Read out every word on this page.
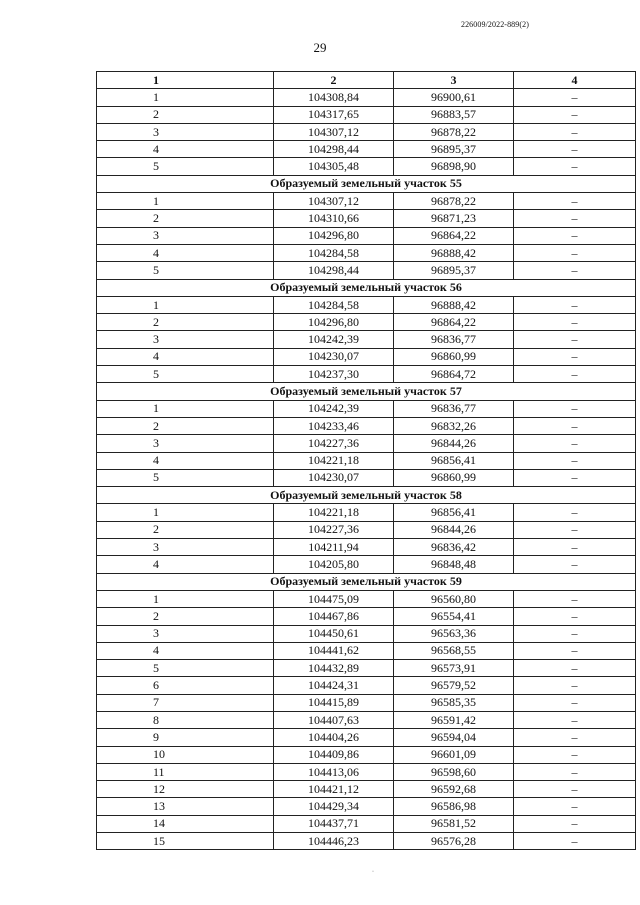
226009/2022-889(2)
29
1	2	3	4
1	104308,84	96900,61	–
2	104317,65	96883,57	–
3	104307,12	96878,22	–
4	104298,44	96895,37	–
5	104305,48	96898,90	–
Образуемый земельный участок 55			
1	104307,12	96878,22	–
2	104310,66	96871,23	–
3	104296,80	96864,22	–
4	104284,58	96888,42	–
5	104298,44	96895,37	–
Образуемый земельный участок 56			
1	104284,58	96888,42	–
2	104296,80	96864,22	–
3	104242,39	96836,77	–
4	104230,07	96860,99	–
5	104237,30	96864,72	–
Образуемый земельный участок 57			
1	104242,39	96836,77	–
2	104233,46	96832,26	–
3	104227,36	96844,26	–
4	104221,18	96856,41	–
5	104230,07	96860,99	–
Образуемый земельный участок 58			
1	104221,18	96856,41	–
2	104227,36	96844,26	–
3	104211,94	96836,42	–
4	104205,80	96848,48	–
Образуемый земельный участок 59			
1	104475,09	96560,80	–
2	104467,86	96554,41	–
3	104450,61	96563,36	–
4	104441,62	96568,55	–
5	104432,89	96573,91	–
6	104424,31	96579,52	–
7	104415,89	96585,35	–
8	104407,63	96591,42	–
9	104404,26	96594,04	–
10	104409,86	96601,09	–
11	104413,06	96598,60	–
12	104421,12	96592,68	–
13	104429,34	96586,98	–
14	104437,71	96581,52	–
15	104446,23	96576,28	–
·
